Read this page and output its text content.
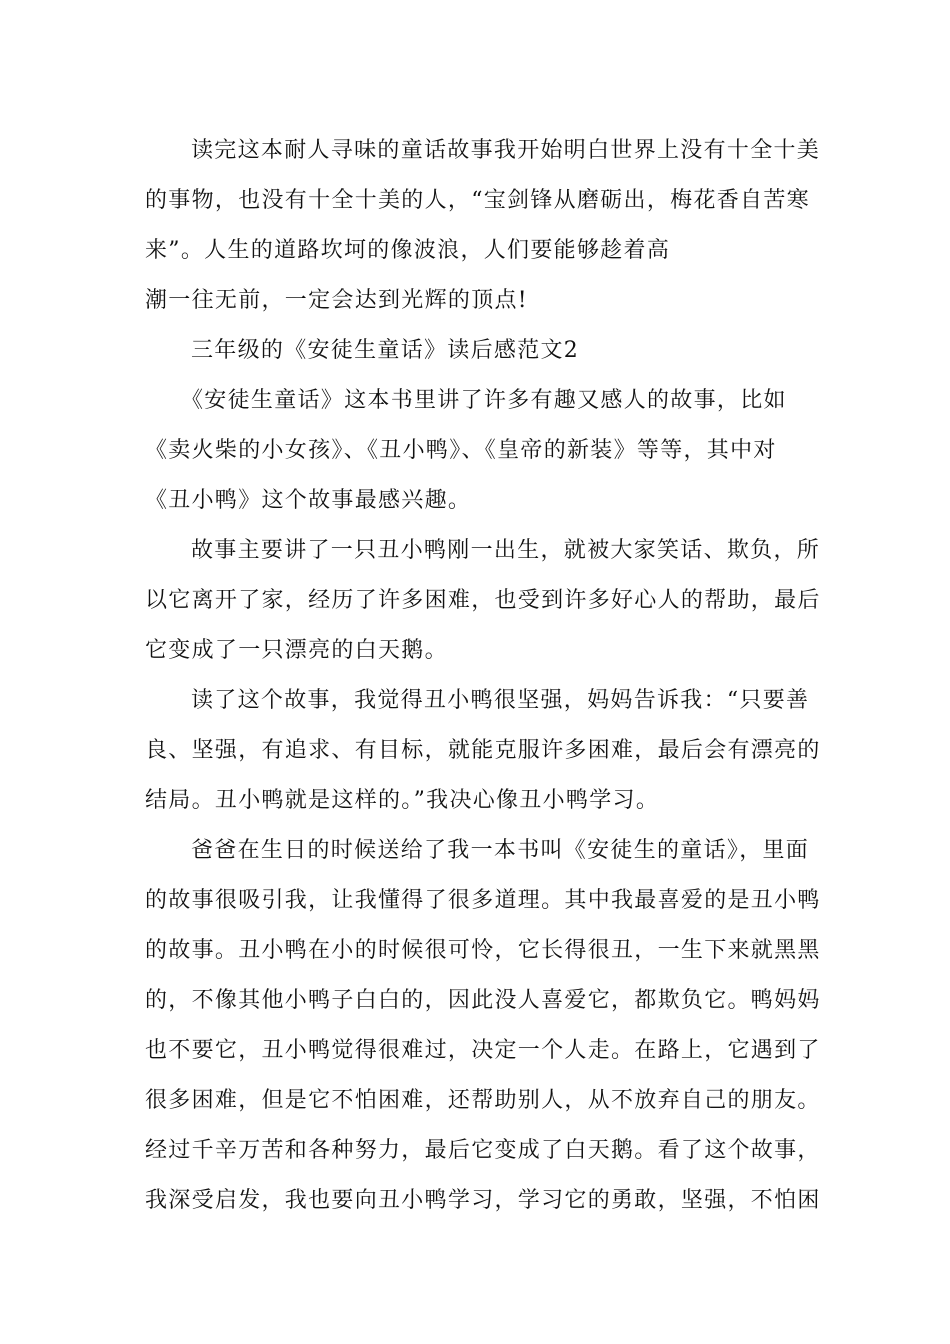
读完这本耐人寻味的童话故事我开始明白世界上没有十全十美
的事物，也没有十全十美的人，“宝剑锋从磨砺出，梅花香自苦寒
来”。人生的道路坎坷的像波浪，人们要能够趁着高
潮一往无前，一定会达到光辉的顶点!
三年级的《安徒生童话》读后感范文2
《安徒生童话》这本书里讲了许多有趣又感人的故事，比如
《卖火柴的小女孩》、《丑小鸭》、《皇帝的新装》等等，其中对
《丑小鸭》这个故事最感兴趣。
故事主要讲了一只丑小鸭刚一出生，就被大家笑话、欺负，所
以它离开了家，经历了许多困难，也受到许多好心人的帮助，最后
它变成了一只漂亮的白天鹅。
读了这个故事，我觉得丑小鸭很坚强，妈妈告诉我：“只要善
良、坚强，有追求、有目标，就能克服许多困难，最后会有漂亮的
结局。丑小鸭就是这样的。”我决心像丑小鸭学习。
爸爸在生日的时候送给了我一本书叫《安徒生的童话》，里面
的故事很吸引我，让我懂得了很多道理。其中我最喜爱的是丑小鸭
的故事。丑小鸭在小的时候很可怜，它长得很丑，一生下来就黑黑
的，不像其他小鸭子白白的，因此没人喜爱它，都欺负它。鸭妈妈
也不要它，丑小鸭觉得很难过，决定一个人走。在路上，它遇到了
很多困难，但是它不怕困难，还帮助别人，从不放弃自己的朋友。
经过千辛万苦和各种努力，最后它变成了白天鹅。看了这个故事，
我深受启发，我也要向丑小鸭学习，学习它的勇敢，坚强，不怕困
